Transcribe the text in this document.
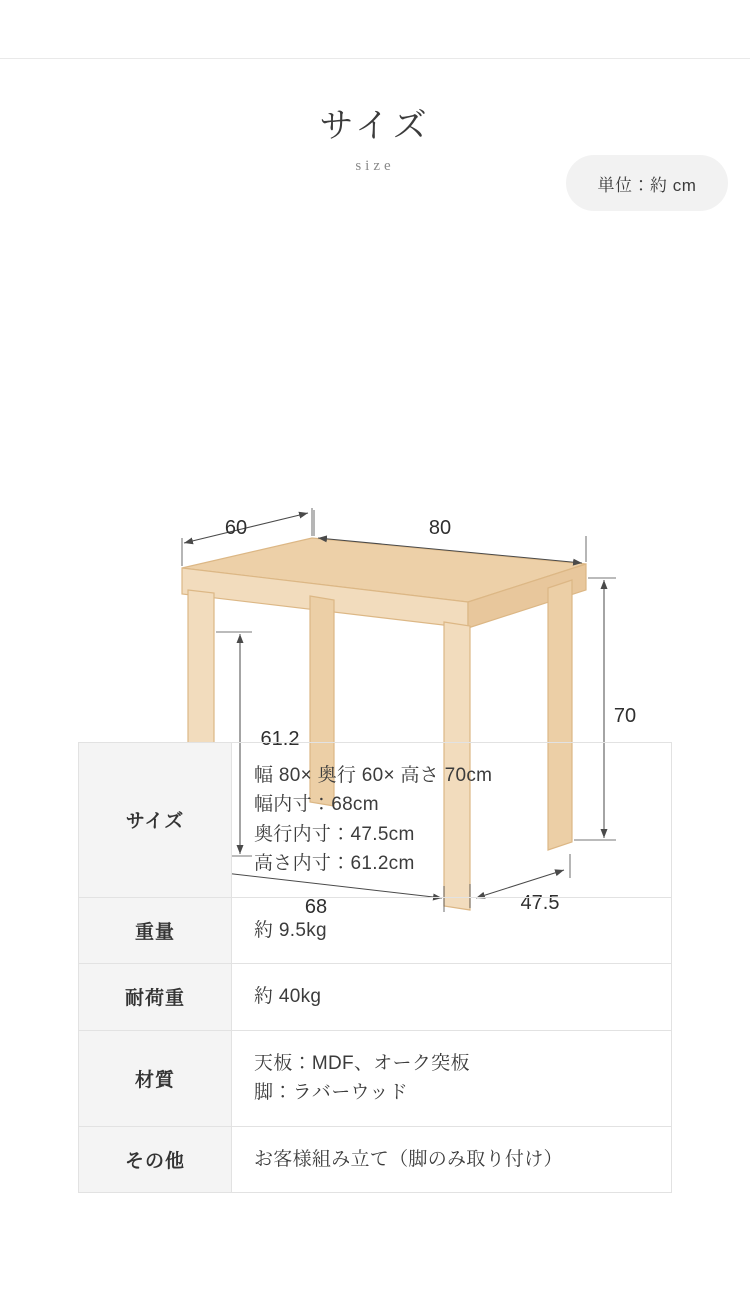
サイズ
size
単位：約 cm
60	80
70
61.2
68	47.5
サイズ	幅 80× 奥行 60× 高さ 70cm
幅内寸：68cm
奥行内寸：47.5cm
高さ内寸：61.2cm

重量	約 9.5kg

耐荷重	約 40kg

材質	天板：MDF、オーク突板
脚：ラバーウッド

その他	お客様組み立て（脚のみ取り付け）
